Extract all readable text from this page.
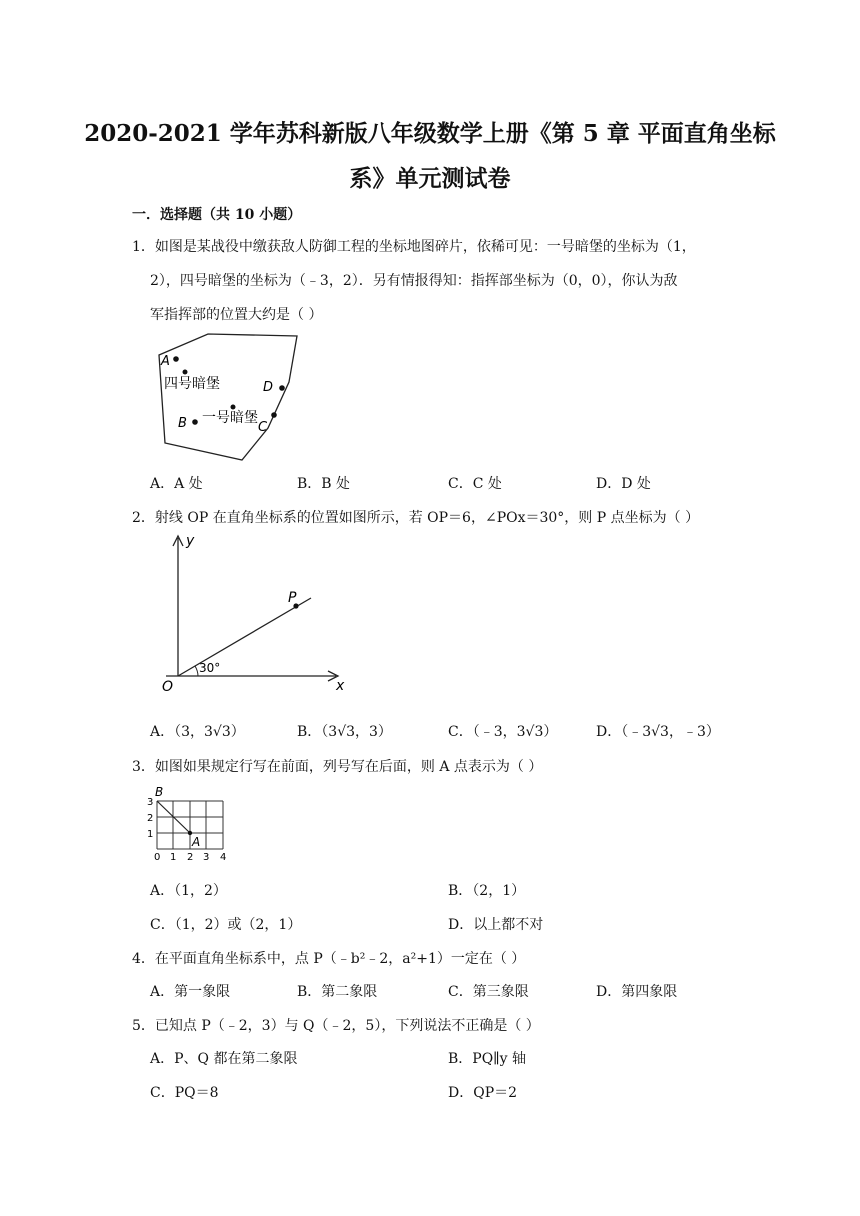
2020-2021 学年苏科新版八年级数学上册《第 5 章 平面直角坐标
系》单元测试卷
一．选择题（共 10 小题）
1．如图是某战役中缴获敌人防御工程的坐标地图碎片，依稀可见：一号暗堡的坐标为（1，
2），四号暗堡的坐标为（﹣3，2）．另有情报得知：指挥部坐标为（0，0），你认为敌
军指挥部的位置大约是（ ）
A
四号暗堡	D
一号暗堡
C
B
A．A 处	B．B 处	C．C 处	D．D 处
2．射线 OP 在直角坐标系的位置如图所示，若 OP＝6，∠POx＝30°，则 P 点坐标为（ ）
y
x
O
P
30°
A．（3，3√3）	B．（3√3，3）	C．（﹣3，3√3）	D．（﹣3√3，﹣3）
3．如图如果规定行写在前面，列号写在后面，则 A 点表示为（ ）
B
A
3
2
1
0 1 2 3 4
A．（1，2）	B．（2，1）
C．（1，2）或（2，1）	D．以上都不对
4．在平面直角坐标系中，点 P（﹣b²﹣2，a²+1）一定在（ ）
A．第一象限	B．第二象限	C．第三象限	D．第四象限
5．已知点 P（﹣2，3）与 Q（﹣2，5），下列说法不正确是（ ）
A．P、Q 都在第二象限	B．PQ∥y 轴
C．PQ＝8	D．QP＝2
